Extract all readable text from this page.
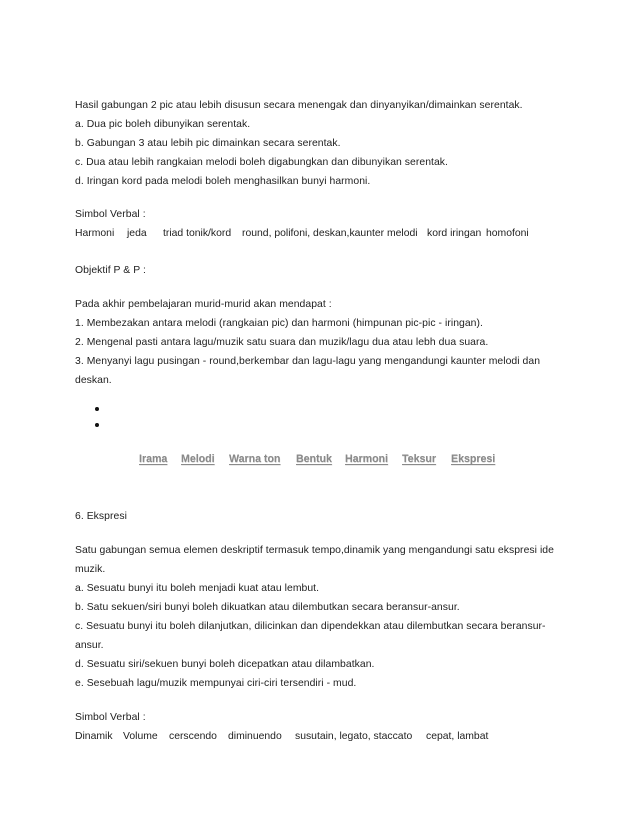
Hasil gabungan 2 pic atau lebih disusun secara menengak dan dinyanyikan/dimainkan serentak.
a. Dua pic boleh dibunyikan serentak.
b. Gabungan 3 atau lebih pic dimainkan secara serentak.
c. Dua atau lebih rangkaian melodi boleh digabungkan dan dibunyikan serentak.
d. Iringan kord pada melodi boleh menghasilkan bunyi harmoni.
Simbol Verbal :
Harmoni jeda triad tonik/kord round, polifoni, deskan,kaunter melodi kord iringan homofoni
Objektif P & P :
Pada akhir pembelajaran murid-murid akan mendapat :
1. Membezakan antara melodi (rangkaian pic) dan harmoni (himpunan pic-pic - iringan).
2. Mengenal pasti antara lagu/muzik satu suara dan muzik/lagu dua atau lebh dua suara.
3. Menyanyi lagu pusingan - round,berkembar dan lagu-lagu yang mengandungi kaunter melodi dan
deskan.
Irama Melodi Warna ton Bentuk Harmoni Teksur Ekspresi
6. Ekspresi
Satu gabungan semua elemen deskriptif termasuk tempo,dinamik yang mengandungi satu ekspresi ide
muzik.
a. Sesuatu bunyi itu boleh menjadi kuat atau lembut.
b. Satu sekuen/siri bunyi boleh dikuatkan atau dilembutkan secara beransur-ansur.
c. Sesuatu bunyi itu boleh dilanjutkan, dilicinkan dan dipendekkan atau dilembutkan secara beransur-
ansur.
d. Sesuatu siri/sekuen bunyi boleh dicepatkan atau dilambatkan.
e. Sesebuah lagu/muzik mempunyai ciri-ciri tersendiri - mud.
Simbol Verbal :
Dinamik Volume cerscendo diminuendo susutain, legato, staccato cepat, lambat
